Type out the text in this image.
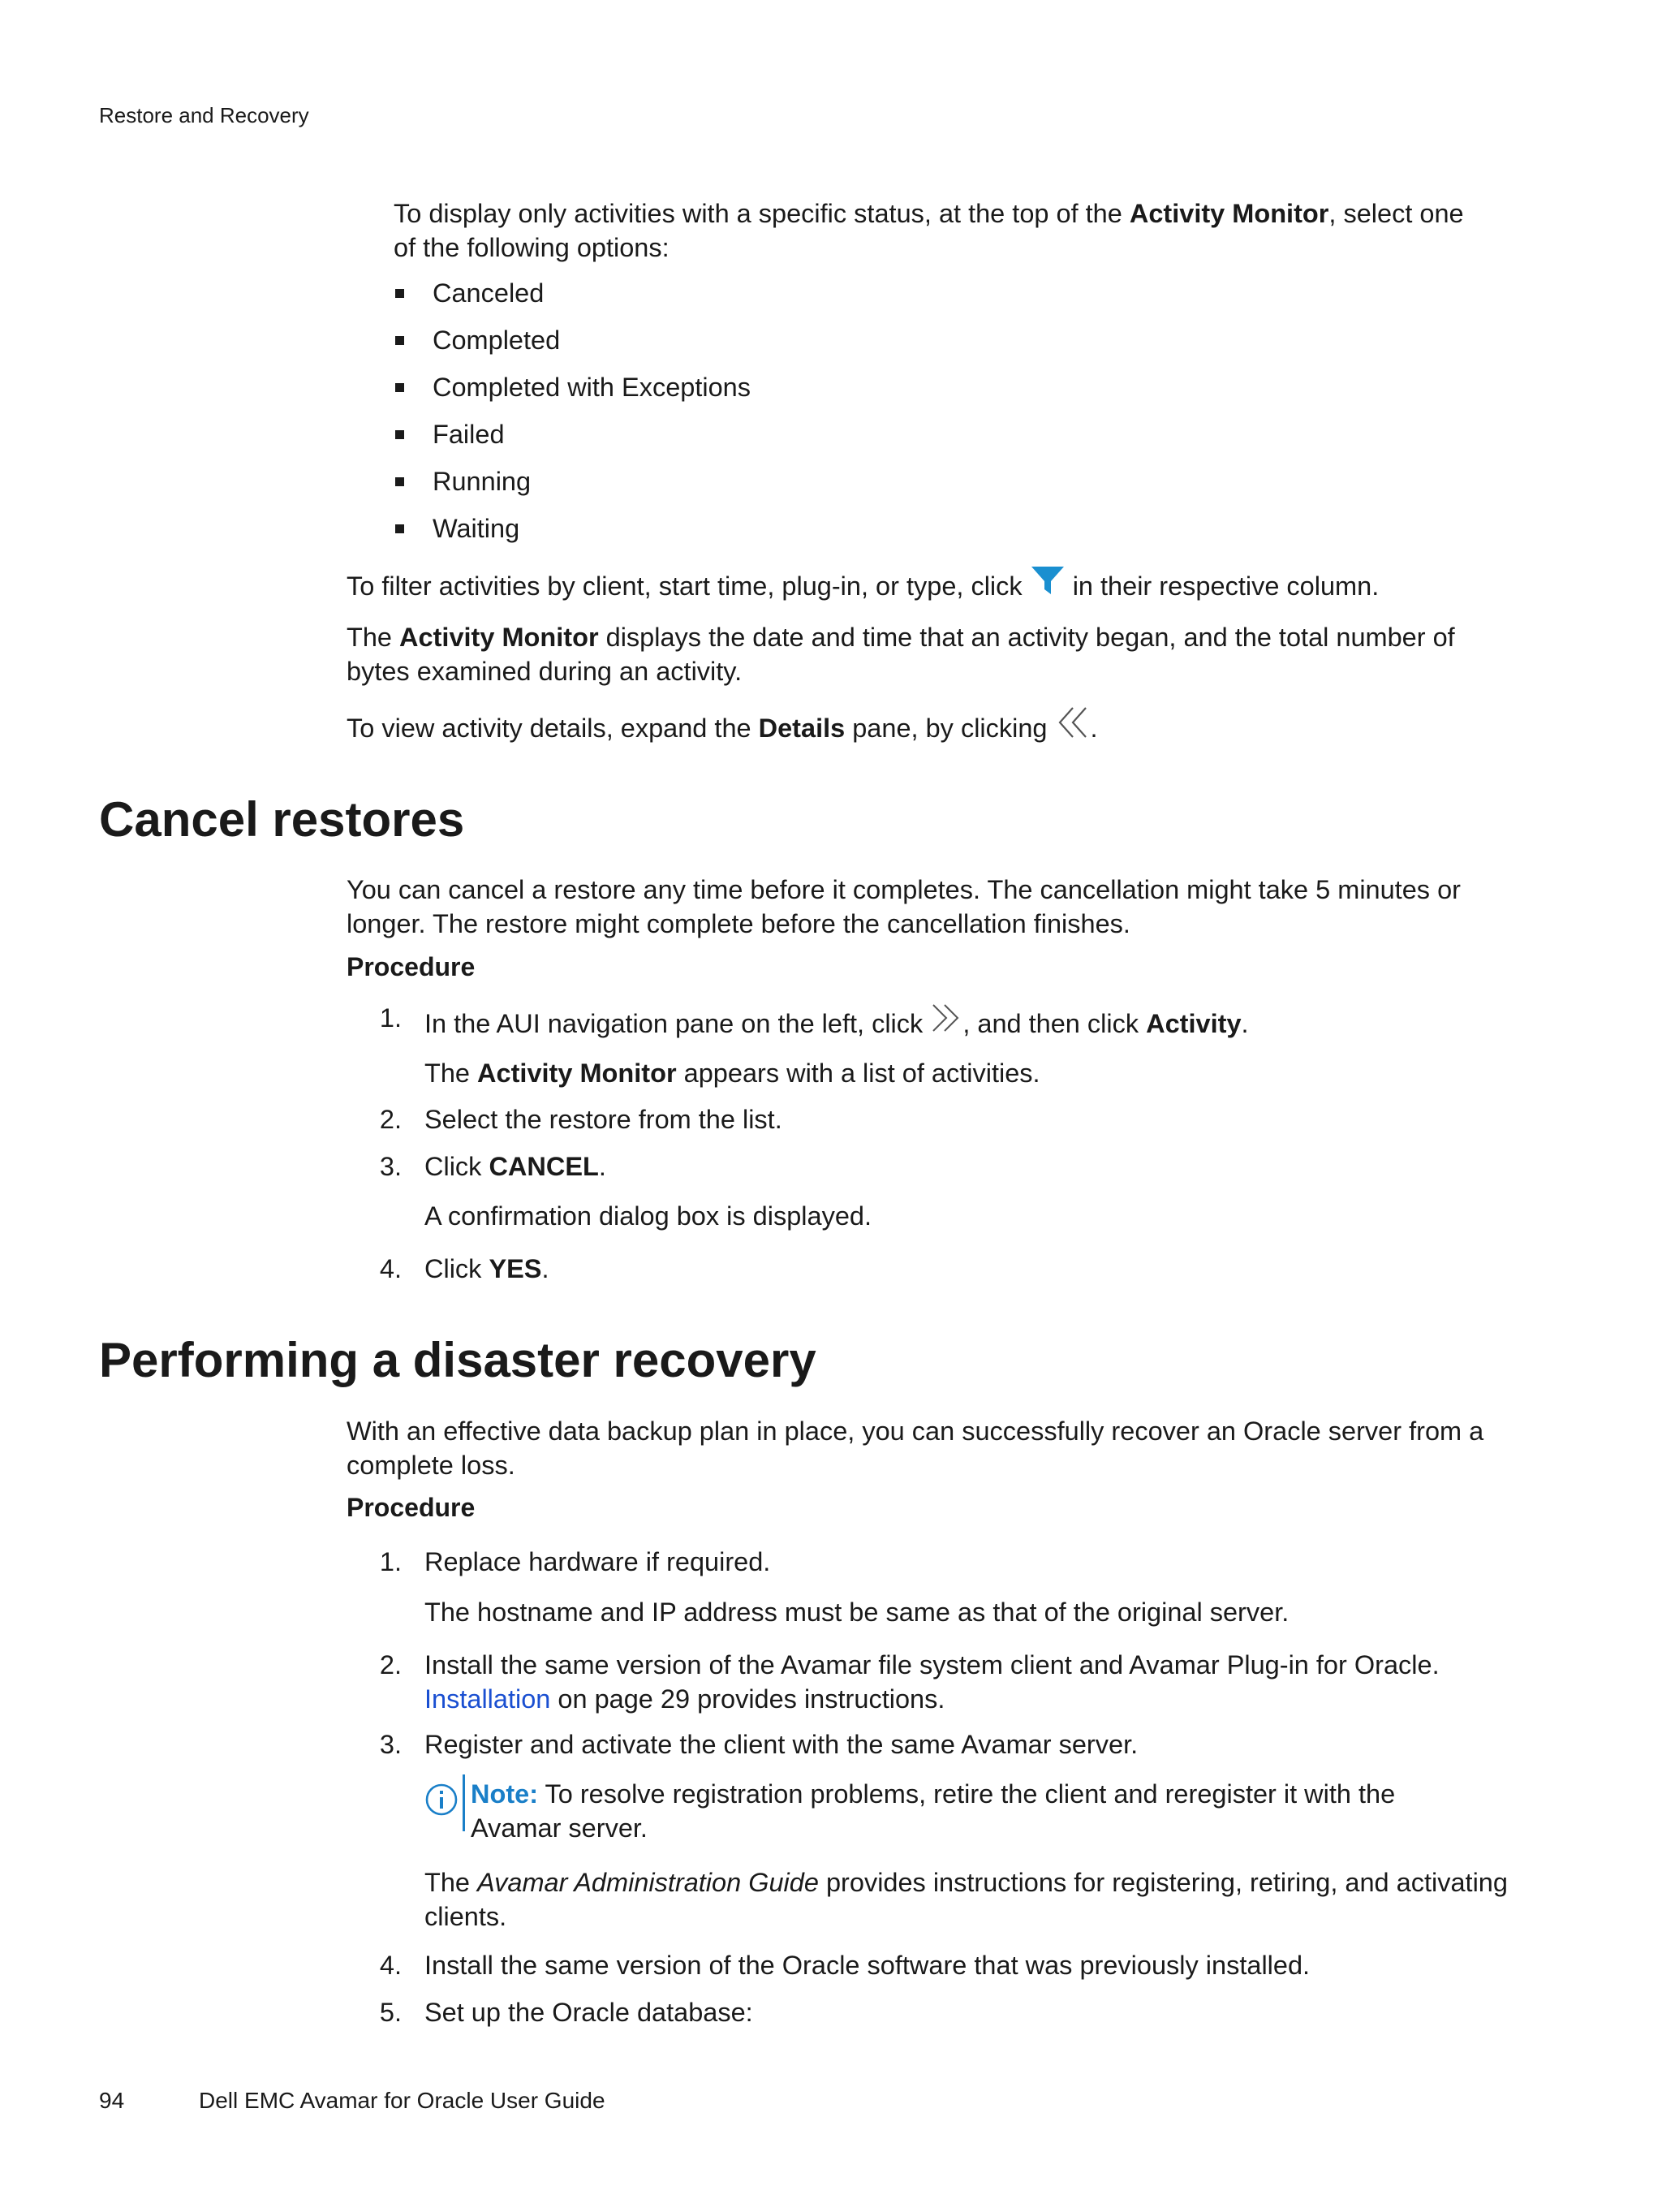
Restore and Recovery

To display only activities with a specific status, at the top of the Activity Monitor, select one

of the following options:

Canceled
Completed
Completed with Exceptions
Failed
Running
Waiting
To filter activities by client, start time, plug-in, or type, click  in their respective column.

The Activity Monitor displays the date and time that an activity began, and the total number of

bytes examined during an activity.

To view activity details, expand the Details pane, by clicking .
Cancel restores

You can cancel a restore any time before it completes. The cancellation might take 5 minutes or

longer. The restore might complete before the cancellation finishes.

Procedure
1. In the AUI navigation pane on the left, click , and then click Activity.
The Activity Monitor appears with a list of activities.
2. Select the restore from the list.
3. Click CANCEL.
A confirmation dialog box is displayed.
4. Click YES.
Performing a disaster recovery

With an effective data backup plan in place, you can successfully recover an Oracle server from a

complete loss.

Procedure
1. Replace hardware if required.
The hostname and IP address must be same as that of the original server.
2. Install the same version of the Avamar file system client and Avamar Plug-in for Oracle.

Installation on page 29 provides instructions.

3. Register and activate the client with the same Avamar server.

Note: To resolve registration problems, retire the client and reregister it with the

Avamar server.

The Avamar Administration Guide provides instructions for registering, retiring, and activating

clients.

4. Install the same version of the Oracle software that was previously installed.
5. Set up the Oracle database:
94	Dell EMC Avamar for Oracle User Guide
